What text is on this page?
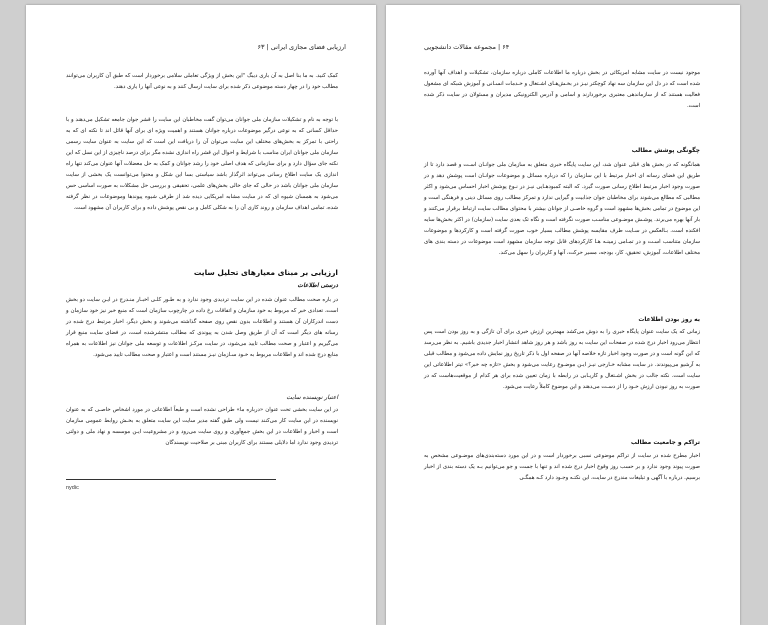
ارزیابی فضای مجازی ایرانی | ۶۳
کمک کنید. به ما بنا اصل به آن باری دیبگ "این بخش از ویژگی تعاملی سلامی برخوردار است که طبق آن کاربران می‌توانند مطالب خود را در چهار دسته موضوعی ذکر شده برای سایت ارسال کنند و به نوعی آنها را یاری دهند.
با توجه به نام و تشکیلات سازمان ملی جوانان می‌توان گفت مخاطبان این سایت را قشر جوان جامعه تشکیل می‌دهند و با حداقل کسانی که به نوعی درگیر موضوعات درباره جوانان هستند و اهمیت ویژه ای برای آنها قائل اند تا نکته ای که به راحتی با تمرکز به بخش‌های مختلف این سایت می‌توان آن را دریافت این است که این سایت به عنوان سایت رسمی سازمان ملی جوانان ایران مناسب با شرایط و احوال این قشر راه اندازی نشده مگر برای درصد ناچیزی از این نسل که این نکته جای سؤال دارد و برای سازمانی که هدف اصلی خود را رشد جوانان و کمک به حل معضلات آنها عنوان می‌کند تنها راه اندازی یک سایت اطلاع رسانی می‌تواند اثرگذار باشد سیاستی بسا این شکل و محتوا می‌توانست یک بخشی از سایت سازمان ملی جوانان باشد در حالی که جای خالی بخش‌های علمی، تحقیقی و بررسی حل مشکلات به صورت اساسی حس می‌شود به همسان شیوه ای که در سایت مشابه امریکایی دیده شد از طرفی شیوه پیوندها وموضوعات در نظر گرفته شده، تمامی اهداف سازمان و روند کاری آن را به شکلی کامل و بی نقص پوشش داده و برای کاربران آن مشهود است.
ارزیابی بر مبنای معیارهای تحلیل سایت
درستی اطلاعات
در باره صحت مطالب عنوان شده در این سایت تردیدی وجود ندارد و به طـور کلـی اخبـار منـدرج در ایـن سایت دو بخش است، تعدادی خبر که مربوط به خود سازمان و اتفاقات رخ داده در چارچوب سازمان است که منبع خبر نیز خود سازمان و دست اندرکاران آن هستند و اطلاعات بدون نقص روی صفحه گذاشته می‌شوند و بخش دیگر، اخبار مرتبط درج شده در رسانه های دیگر است که آن از طریق وصل شدن به پیوندی که مطالب منتشرشده است، در فضای سایت منبع قرار می‌گیریم و اعتبار و صحت مطالب تایید می‌شود، در سایت مرکـز اطلاعات و توسعه ملی جوانان نیز اطلاعات به همراه منابع درج شده اند و اطلاعات مربوط به خـود سـازمان نیـز مستند است و اعتبار و صحت مطالب تایید می‌شود.
اعتبار نویسنده سایت
در این سایت بخشی تحت عنوان «درباره ما» طراحی نشده است و طبعاً اطلاعاتی در مورد اشخاص خاصـی که به عنوان نویسنده در این سایت کار می‌کنند نیست ولی طبق گفته مدیر سایت این سایت متعلق به بخـش روابط عمومی سازمان است و اخبار و اطلاعات در این بخش جمع‌آوری و روی سایت می‌رود و در مشروعیت ایـن موسسه و نهاد ملی و دولتی تردیدی وجود ندارد اما دلایلی مستند برای کاربران مبنی بر صلاحیت نویسندگان
nydic
۶۴ | مجموعه مقالات دانشجویی
موجود نیست در سایت مشابه امریکائی در بخش درباره ما اطلاعات کاملی درباره سازمان، تشکیلات و اهداف آنها آورده شده است که در دل این سازمان سه نهاد کوچکتر نیـز در بخـش‌هـای اشـتغال و خـدمات انسـانی و آموزش شبکه ای مشغول فعالیت هستند که از سازماندهی معتبری برخوردارند و اسامی و آدرس الکترونیکی مدیران و مسئولان در سایت ذکر شده است.
چگونگی پوشش مطالب
همانگونه که در بخش های قبلی عنوان شد، این سایت پایگاه خبری متعلق به سازمان ملی جوانـان اسـت و قصد دارد تا از طریق این فضای رسانه ای اخبار مرتبط با این سازمان را که درباره مسائل و موضوعات جوانـان است پوشش دهد و در صورت وجود اخبار مرتبط اطلاع رسانی صورت گیرد. که البته کمبودهـایی نیـز در نـوع پوشش اخبار احساس می‌شود و اکثر مطالبی که مطالع می‌شوند برای مخاطبان جوان جذابیت و گیرایی ندارد و تمرکز مطالب روی مسائل دینی و فرهنگی است و این موضوع در تمامی بخش‌ها مشهود است و گروه خاصـی از جوانان بیشتر با محتوای مطالب سایت ارتباط برقرار می‌کنند و بار آنها بهره می‌برند. پوشـش موضـوعی مناسـب صورت نگرفته است و نگاه تک بعدی سایت (سازمان) در اکثر بخش‌ها سایه افکنده است. بـالعکس در سـایت طرف مقایسه پوشش مطالب بسیار خوب صورت گرفته است و کارکردها و موضوعات سازمان متناسب اسـت و در تمـامی زمینـه هـا کارکردهای قابل توجه سازمان مشهود است موضوعات در دسته بندی های مختلف اطلاعات، آموزش، تحقیق، کار، بودجه، مسیر حرکت، آنها و کاربران را سهل می‌کند.
به روز بودن اطلاعات
زمانی که یک سایت عنوان پایگاه خبری را به دوش می‌کشد مهمترین ارزش خبری برای آن تازگی و به روز بودن است پس انتظار می‌رود اخبار درج شده در صفحات این سایت به روز باشد و هر روز شاهد انتشار اخبار جدیدی باشیم. به نظر می‌رسد که این گونه است و در صورت وجود اخبار تازه خلاصه آنها در صفحه اول با ذکر تاریخ روز نمایش داده می‌شود و مطالب قبلی به آرشیو می‌پیوندند. در سایت مشابه خـارجی نیـز ایـن موضـوع رعایت می‌شود و بخش «تازه چه خبر؟» تیتر اطلاعاتی این سایت است. نکته جالب در بخش اشـتغال و کاریـابی در رابطه با زمان تعیین شده برای هر کدام از موقعیت‌هاست که در صورت به روز نبودن ارزش خـود را از دسـت می‌دهند و این موضوع کاملاً رعایت می‌شود.
تراکم و جامعیت مطالب
اخبار مطرح شده در سایت از تراکم موضوعی نسبی برخوردار است و در این مورد دسته‌بندی‌های موضـوعی مشخص به صورت پیوند وجود ندارد و بر حسب روز وقوع اخبار درج شده اند و تنها با جست و جو می‌توانیم بـه یک دسته بندی از اخبار برسیم. درباره با آگهی و تبلیغات مندرج در سایت، این نکتـه وجـود دارد کـه همگـی
